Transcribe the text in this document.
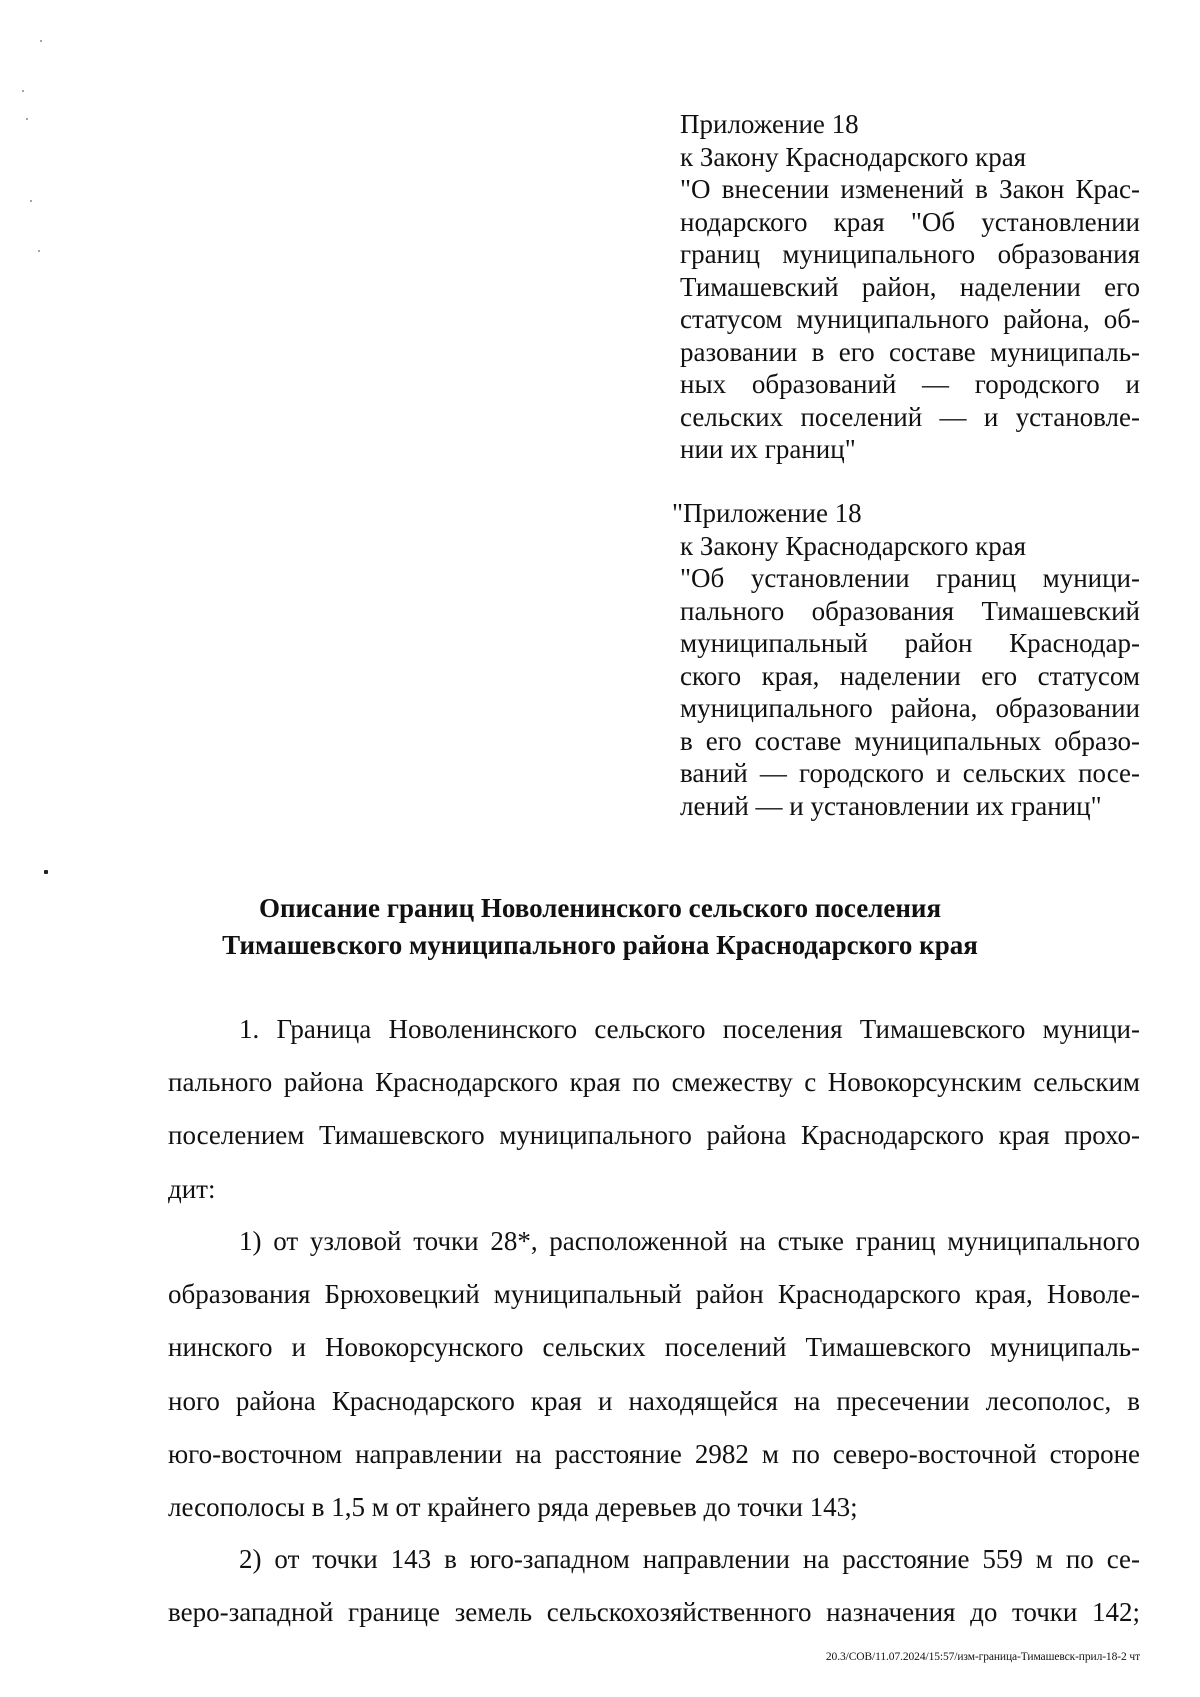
Приложение 18
к Закону Краснодарского края
"О внесении изменений в Закон Крас-
нодарского края "Об установлении
границ муниципального образования
Тимашевский район, наделении его
статусом муниципального района, об-
разовании в его составе муниципаль-
ных образований — городского и
сельских поселений — и установле-
нии их границ"
"Приложение 18
к Закону Краснодарского края
"Об установлении границ муници-
пального образования Тимашевский
муниципальный район Краснодар-
ского края, наделении его статусом
муниципального района, образовании
в его составе муниципальных образо-
ваний — городского и сельских посе-
лений — и установлении их границ"
Описание границ Новоленинского сельского поселения
Тимашевского муниципального района Краснодарского края
1. Граница Новоленинского сельского поселения Тимашевского муници-
пального района Краснодарского края по смежеству с Новокорсунским сельским
поселением Тимашевского муниципального района Краснодарского края прохо-
дит:
1) от узловой точки 28*, расположенной на стыке границ муниципального
образования Брюховецкий муниципальный район Краснодарского края, Новоле-
нинского и Новокорсунского сельских поселений Тимашевского муниципаль-
ного района Краснодарского края и находящейся на пресечении лесополос, в
юго-восточном направлении на расстояние 2982 м по северо-восточной стороне
лесополосы в 1,5 м от крайнего ряда деревьев до точки 143;
2) от точки 143 в юго-западном направлении на расстояние 559 м по се-
веро-западной границе земель сельскохозяйственного назначения до точки 142;
20.3/СОВ/11.07.2024/15:57/изм-граница-Тимашевск-прил-18-2 чт
